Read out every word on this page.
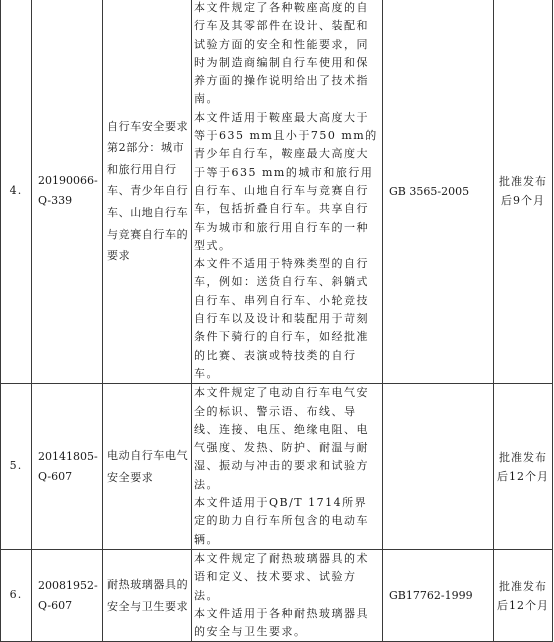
4.	20190066-Q-339	自行车安全要求 第2部分：城市和旅行用自行车、青少年自行车、山地自行车与竞赛自行车的要求	本文件规定了各种鞍座高度的自行车及其零部件在设计、装配和试验方面的安全和性能要求，同时为制造商编制自行车使用和保养方面的操作说明给出了技术指南。

本文件适用于鞍座最大高度大于等于635 mm且小于750 mm的青少年自行车，鞍座最大高度大于等于635 mm的城市和旅行用自行车、山地自行车与竞赛自行车，包括折叠自行车。共享自行车为城市和旅行用自行车的一种型式。

本文件不适用于特殊类型的自行车，例如：送货自行车、斜躺式自行车、串列自行车、小轮竞技自行车以及设计和装配用于苛刻条件下骑行的自行车，如经批准的比赛、表演或特技类的自行车。	GB 3565-2005	批准发布后9个月

5.	20141805-Q-607	电动自行车电气安全要求	本文件规定了电动自行车电气安全的标识、警示语、布线、导线、连接、电压、绝缘电阻、电气强度、发热、防护、耐温与耐湿、振动与冲击的要求和试验方法。

本文件适用于QB/T 1714所界定的助力自行车所包含的电动车辆。		批准发布后12个月

6.	20081952-Q-607	耐热玻璃器具的安全与卫生要求	本文件规定了耐热玻璃器具的术语和定义、技术要求、试验方法。

本文件适用于各种耐热玻璃器具的安全与卫生要求。	GB17762-1999	批准发布后12个月
